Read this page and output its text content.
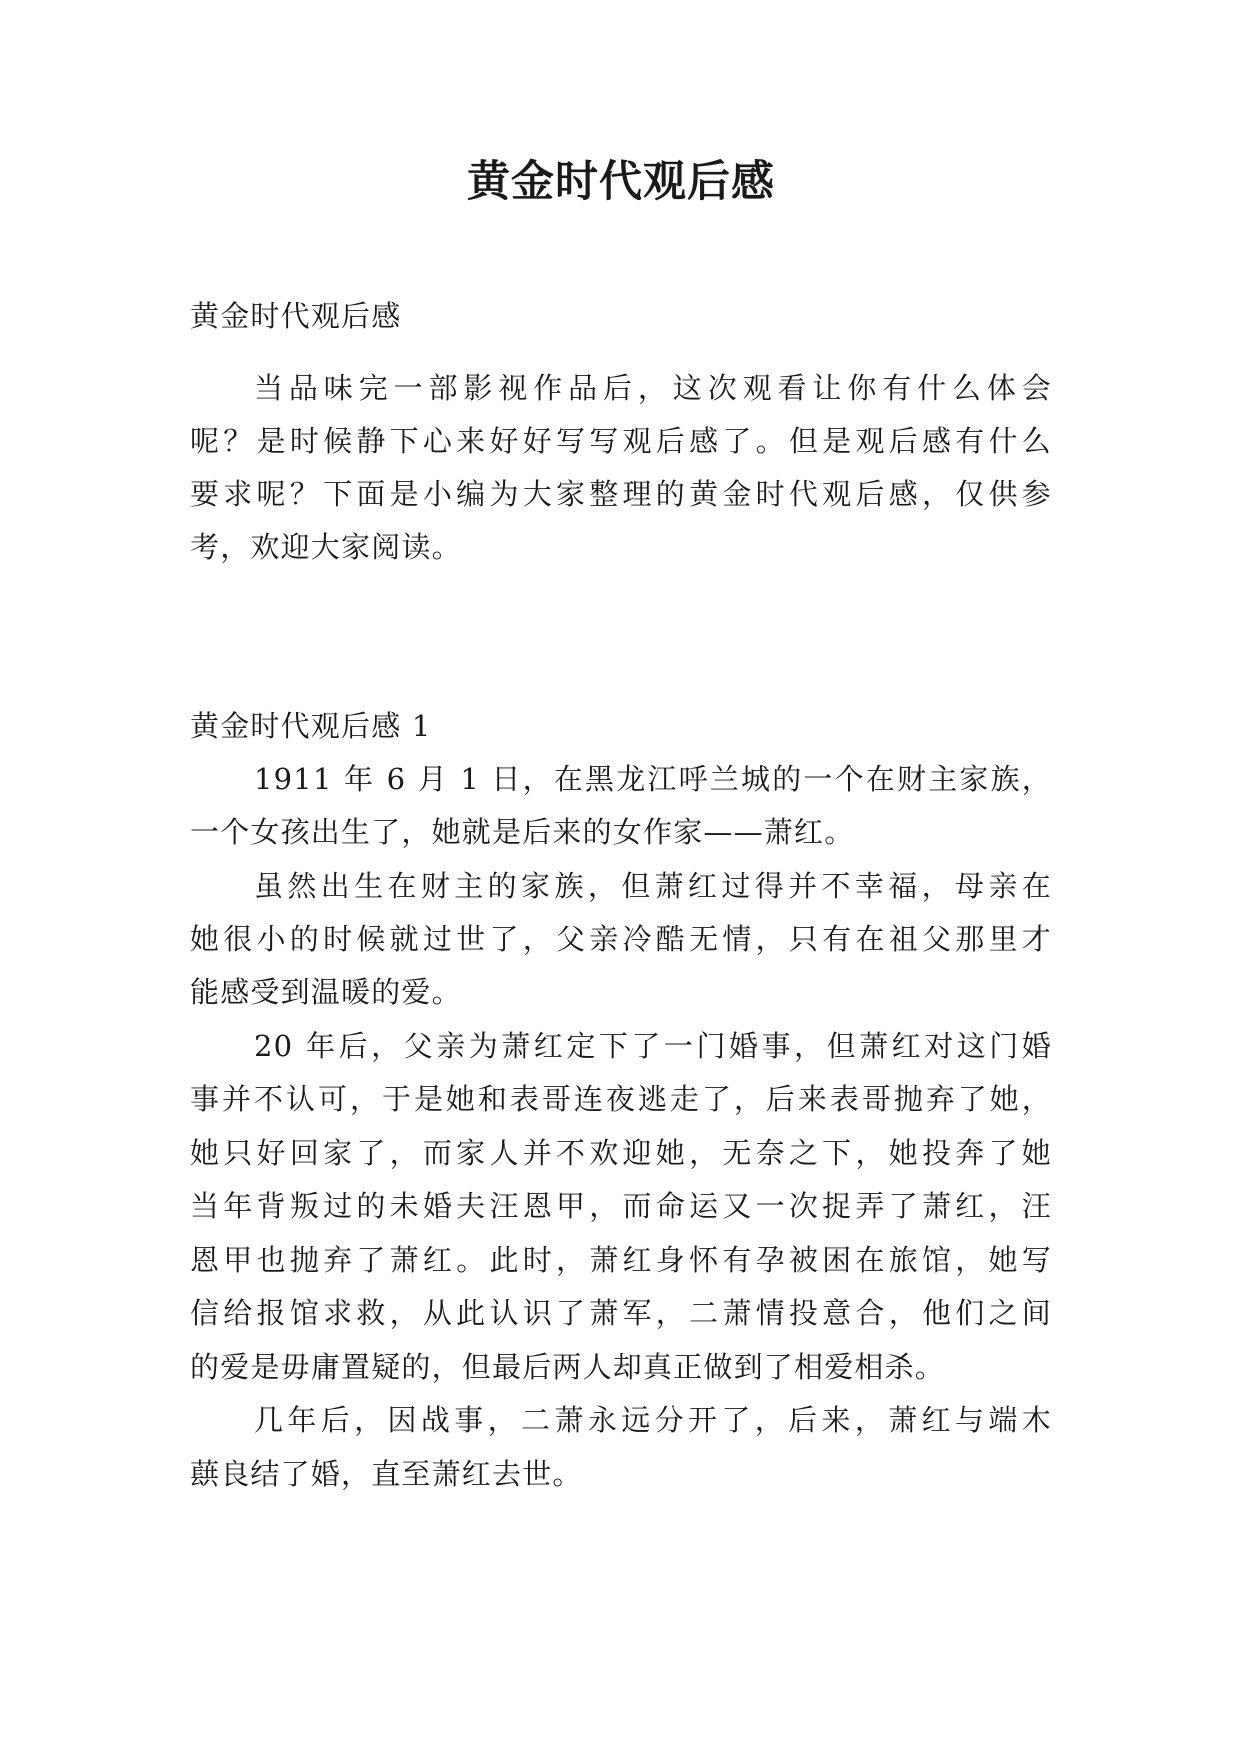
黄金时代观后感

黄金时代观后感

当品味完一部影视作品后，这次观看让你有什么体会

呢？是时候静下心来好好写写观后感了。但是观后感有什么

要求呢？下面是小编为大家整理的黄金时代观后感，仅供参

考，欢迎大家阅读。

黄金时代观后感 1

1911 年 6 月 1 日，在黑龙江呼兰城的一个在财主家族，

一个女孩出生了，她就是后来的女作家——萧红。

虽然出生在财主的家族，但萧红过得并不幸福，母亲在

她很小的时候就过世了，父亲冷酷无情，只有在祖父那里才

能感受到温暖的爱。

20 年后，父亲为萧红定下了一门婚事，但萧红对这门婚

事并不认可，于是她和表哥连夜逃走了，后来表哥抛弃了她，

她只好回家了，而家人并不欢迎她，无奈之下，她投奔了她

当年背叛过的未婚夫汪恩甲，而命运又一次捉弄了萧红，汪

恩甲也抛弃了萧红。此时，萧红身怀有孕被困在旅馆，她写

信给报馆求救，从此认识了萧军，二萧情投意合，他们之间

的爱是毋庸置疑的，但最后两人却真正做到了相爱相杀。

几年后，因战事，二萧永远分开了，后来，萧红与端木

蕻良结了婚，直至萧红去世。
